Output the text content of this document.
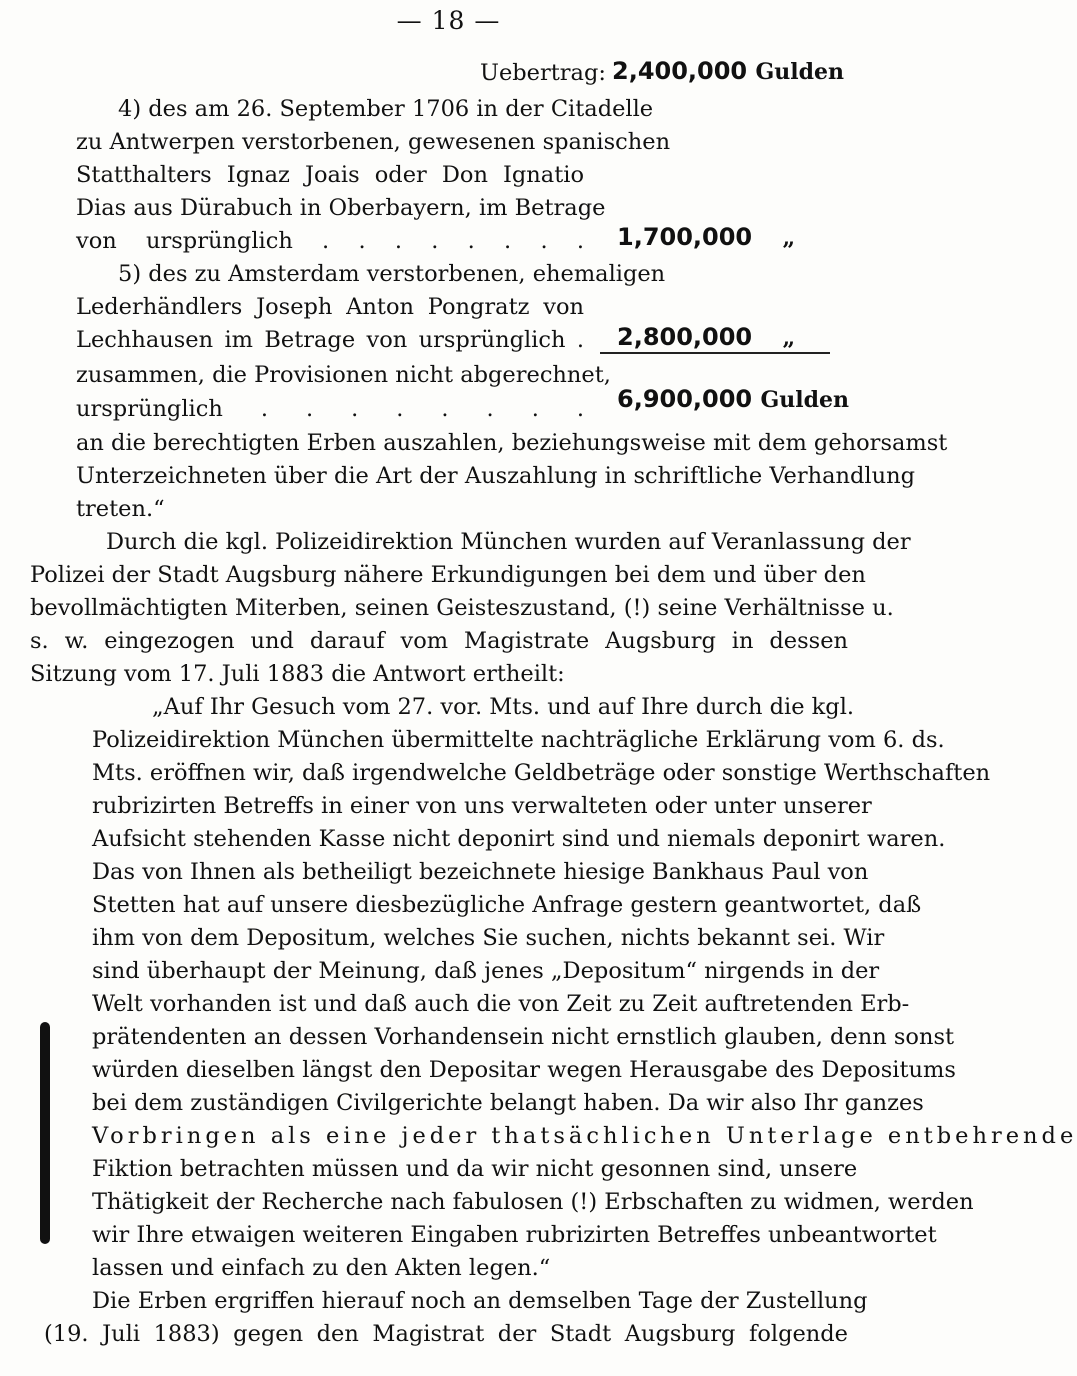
— 18 —
Uebertrag: 2,400,000 Gulden
4) des am 26. September 1706 in der Citadelle
zu Antwerpen verstorbenen, gewesenen spanischen
Statthalters Ignaz Joais oder Don Ignatio
Dias aus Dürabuch in Oberbayern, im Betrage
von ursprünglich . . . . . . . . 1,700,000 „
5) des zu Amsterdam verstorbenen, ehemaligen
Lederhändlers Joseph Anton Pongratz von
Lechhausen im Betrage von ursprünglich . 2,800,000 „
zusammen, die Provisionen nicht abgerechnet,
ursprünglich . . . . . . . . 6,900,000 Gulden
an die berechtigten Erben auszahlen, beziehungsweise mit dem gehorsamst
Unterzeichneten über die Art der Auszahlung in schriftliche Verhandlung
treten.“
Durch die kgl. Polizeidirektion München wurden auf Veranlassung der
Polizei der Stadt Augsburg nähere Erkundigungen bei dem und über den
bevollmächtigten Miterben, seinen Geisteszustand, (!) seine Verhältnisse u.
s. w. eingezogen und darauf vom Magistrate Augsburg in dessen
Sitzung vom 17. Juli 1883 die Antwort ertheilt:
„Auf Ihr Gesuch vom 27. vor. Mts. und auf Ihre durch die kgl.
Polizeidirektion München übermittelte nachträgliche Erklärung vom 6. ds.
Mts. eröffnen wir, daß irgendwelche Geldbeträge oder sonstige Werthschaften
rubrizirten Betreffs in einer von uns verwalteten oder unter unserer
Aufsicht stehenden Kasse nicht deponirt sind und niemals deponirt waren.
Das von Ihnen als betheiligt bezeichnete hiesige Bankhaus Paul von
Stetten hat auf unsere diesbezügliche Anfrage gestern geantwortet, daß
ihm von dem Depositum, welches Sie suchen, nichts bekannt sei. Wir
sind überhaupt der Meinung, daß jenes „Depositum“ nirgends in der
Welt vorhanden ist und daß auch die von Zeit zu Zeit auftretenden Erb-
prätendenten an dessen Vorhandensein nicht ernstlich glauben, denn sonst
würden dieselben längst den Depositar wegen Herausgabe des Depositums
bei dem zuständigen Civilgerichte belangt haben. Da wir also Ihr ganzes
Vorbringen als eine jeder thatsächlichen Unterlage entbehrende
Fiktion betrachten müssen und da wir nicht gesonnen sind, unsere
Thätigkeit der Recherche nach fabulosen (!) Erbschaften zu widmen, werden
wir Ihre etwaigen weiteren Eingaben rubrizirten Betreffes unbeantwortet
lassen und einfach zu den Akten legen.“
Die Erben ergriffen hierauf noch an demselben Tage der Zustellung
(19. Juli 1883) gegen den Magistrat der Stadt Augsburg folgende
